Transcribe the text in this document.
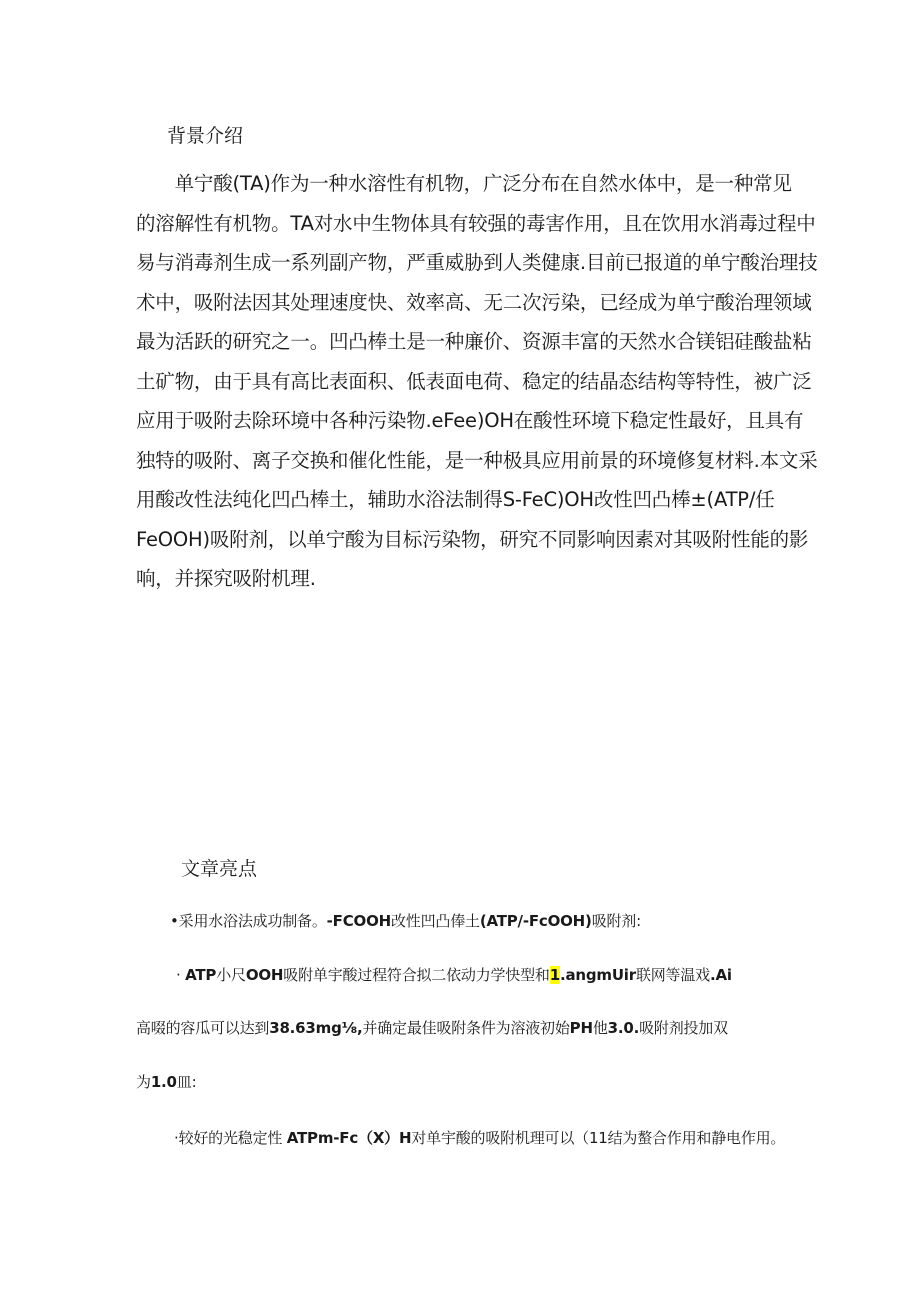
背景介绍
　　单宁酸(TA)作为一种水溶性有机物，广泛分布在自然水体中，是一种常见
的溶解性有机物。TA对水中生物体具有较强的毒害作用，且在饮用水消毒过程中
易与消毒剂生成一系列副产物，严重威胁到人类健康.目前已报道的单宁酸治理技
术中，吸附法因其处理速度快、效率高、无二次污染，已经成为单宁酸治理领域
最为活跃的研究之一。凹凸棒土是一种廉价、资源丰富的天然水合镁铝硅酸盐粘
土矿物，由于具有高比表面积、低表面电荷、稳定的结晶态结构等特性，被广泛
应用于吸附去除环境中各种污染物.eFee)OH在酸性环境下稳定性最好，且具有
独特的吸附、离子交换和催化性能，是一种极具应用前景的环境修复材料.本文采
用酸改性法纯化凹凸棒土，辅助水浴法制得S-FeC)OH改性凹凸棒±(ATP/任
FeOOH)吸附剂，以单宁酸为目标污染物，研究不同影响因素对其吸附性能的影
响，并探究吸附机理.
文章亮点

•采用水浴法成功制备。-FCOOH改性凹凸俸土(ATP/-FcOOH)吸附剂:

· ATP小尺OOH吸附单宇酸过程符合拟二依动力学快型和1.angmUir联网等温戏.Ai

高啜的容瓜可以达到38.63mg⅛,并确定最佳吸附条件为溶液初始PH他3.0.吸附剂投加双

为1.0皿:

·较好的光稳定性 ATPm-Fc（X）H对单宇酸的吸附机理可以（11结为螯合作用和静电作用。
